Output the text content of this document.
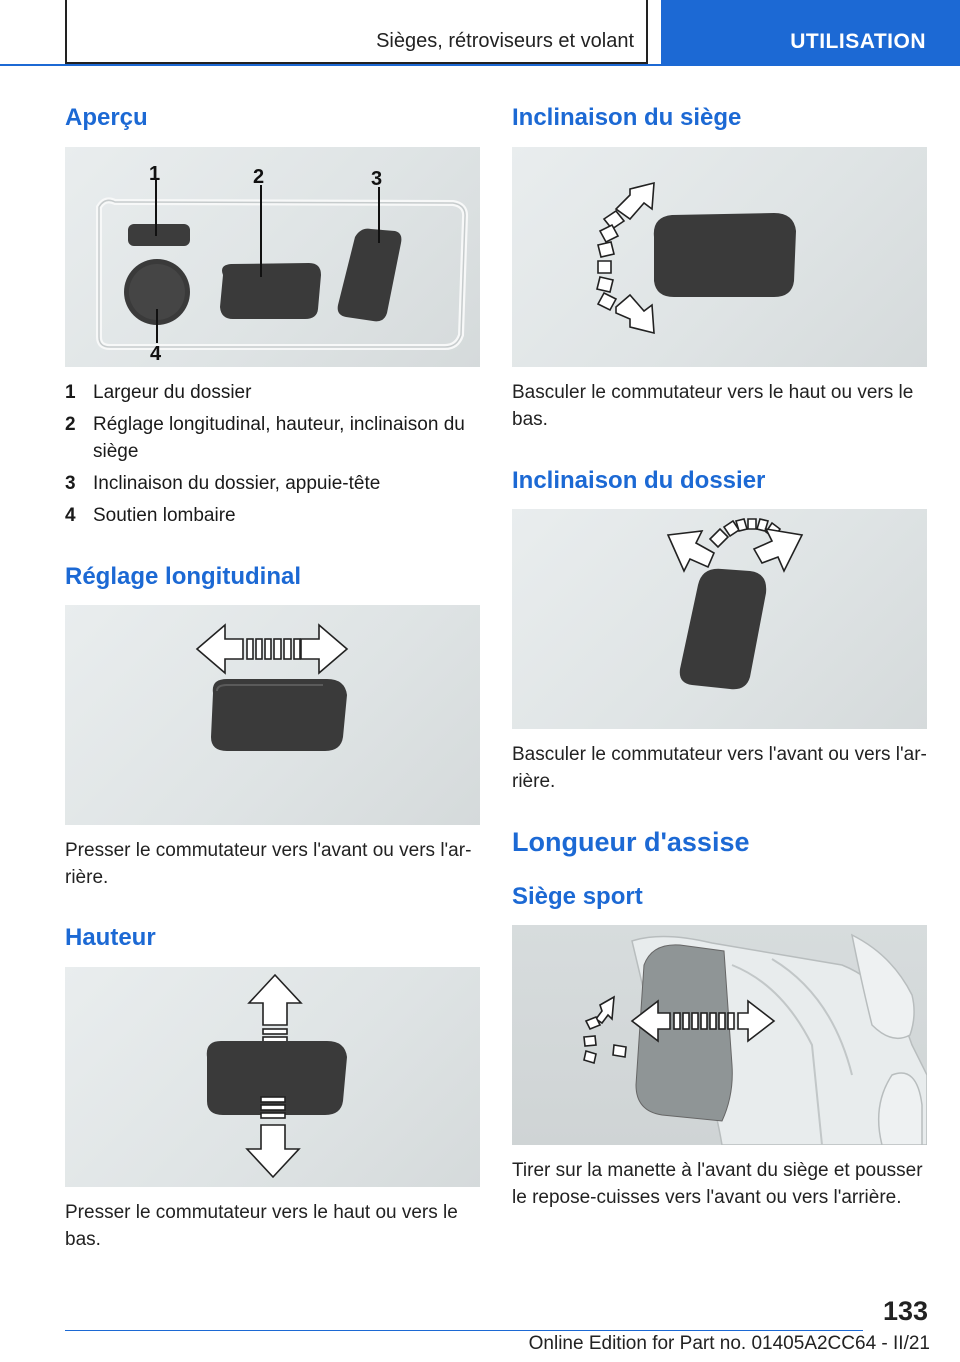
Sièges, rétroviseurs et volant	UTILISATION
Aperçu
1	2	3
4
1 Largeur du dossier
2 Réglage longitudinal, hauteur, inclinaison du siège
3 Inclinaison du dossier, appuie-tête
4 Soutien lombaire
Réglage longitudinal
Presser le commutateur vers l'avant ou vers l'ar‐rière.
Hauteur
Presser le commutateur vers le haut ou vers le bas.
Inclinaison du siège
Basculer le commutateur vers le haut ou vers le bas.
Inclinaison du dossier
Basculer le commutateur vers l'avant ou vers l'ar‐rière.
Longueur d'assise
Siège sport
Tirer sur la manette à l'avant du siège et pousser le repose-cuisses vers l'avant ou vers l'arrière.
133
Online Edition for Part no. 01405A2CC64 - II/21
